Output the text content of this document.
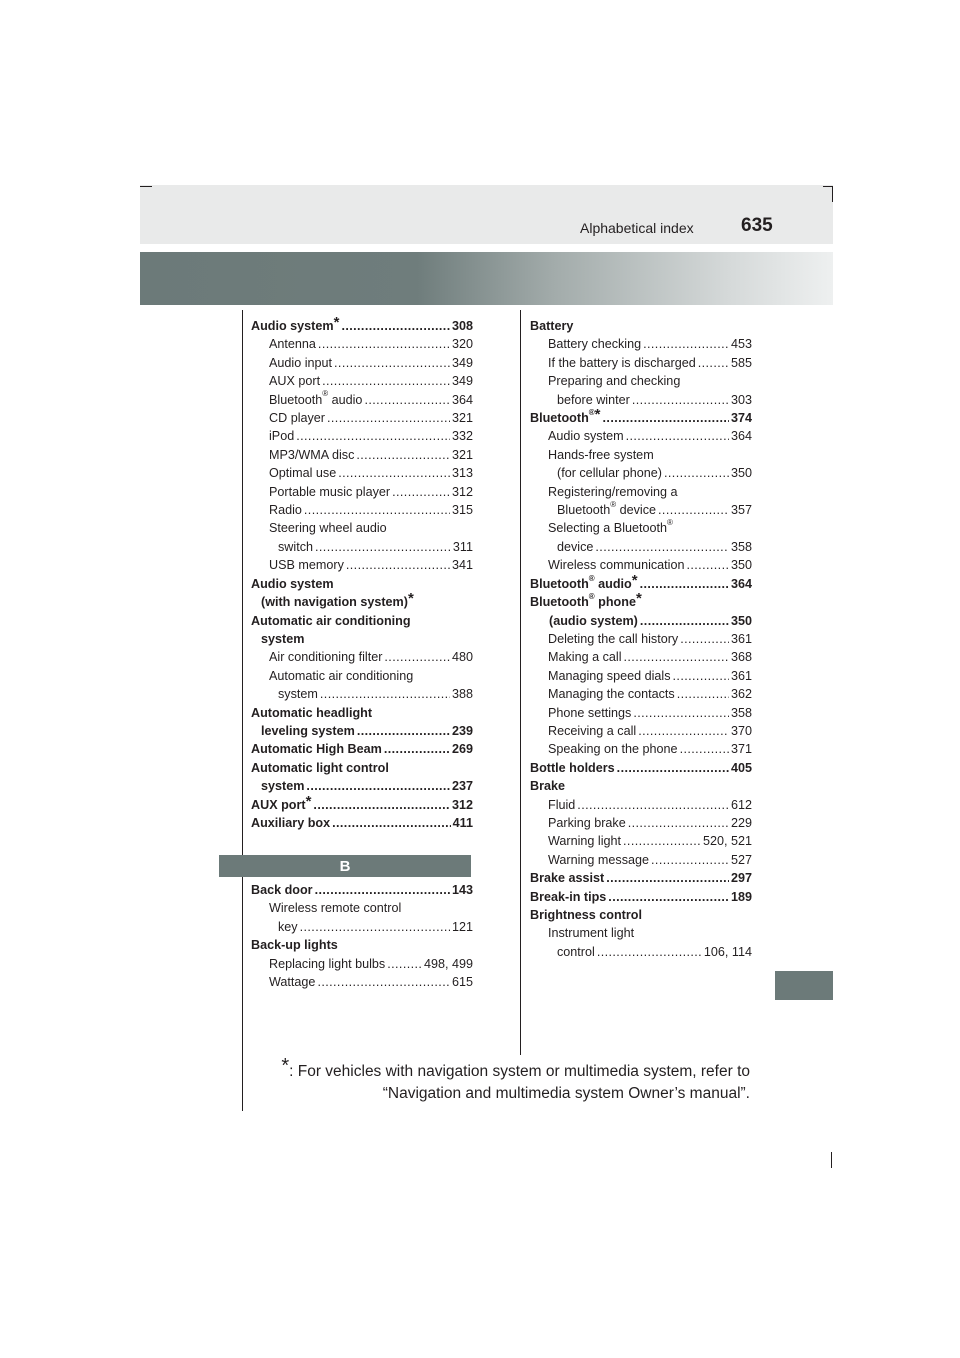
Alphabetical index 635
Audio system* .....	308
Antenna .....	320
Audio input .....	349
AUX port .....	349
Bluetooth® audio .....	364
CD player .....	321
iPod .....	332
MP3/WMA disc .....	321
Optimal use .....	313
Portable music player .....	312
Radio .....	315
Steering wheel audio
switch .....	311
USB memory .....	341
Audio system
(with navigation system)*
Automatic air conditioning
system
Air conditioning filter .....	480
Automatic air conditioning
system .....	388
Automatic headlight
leveling system .....	239
Automatic High Beam .....	269
Automatic light control
system .....	237
AUX port* .....	312
Auxiliary box .....	411
B
Back door .....	143
Wireless remote control
key .....	121
Back-up lights
Replacing light bulbs .....	498, 499
Wattage .....	615
Battery
Battery checking .....	453
If the battery is discharged .....	585
Preparing and checking
before winter .....	303
Bluetooth®* .....	374
Audio system .....	364
Hands-free system
(for cellular phone) .....	350
Registering/removing a
Bluetooth® device .....	357
Selecting a Bluetooth®
device .....	358
Wireless communication .....	350
Bluetooth® audio* .....	364
Bluetooth® phone*
(audio system) .....	350
Deleting the call history .....	361
Making a call .....	368
Managing speed dials .....	361
Managing the contacts .....	362
Phone settings .....	358
Receiving a call .....	370
Speaking on the phone .....	371
Bottle holders .....	405
Brake
Fluid .....	612
Parking brake .....	229
Warning light .....	520, 521
Warning message .....	527
Brake assist .....	297
Break-in tips .....	189
Brightness control
Instrument light
control .....	106, 114
*: For vehicles with navigation system or multimedia system, refer to
“Navigation and multimedia system Owner’s manual”.
